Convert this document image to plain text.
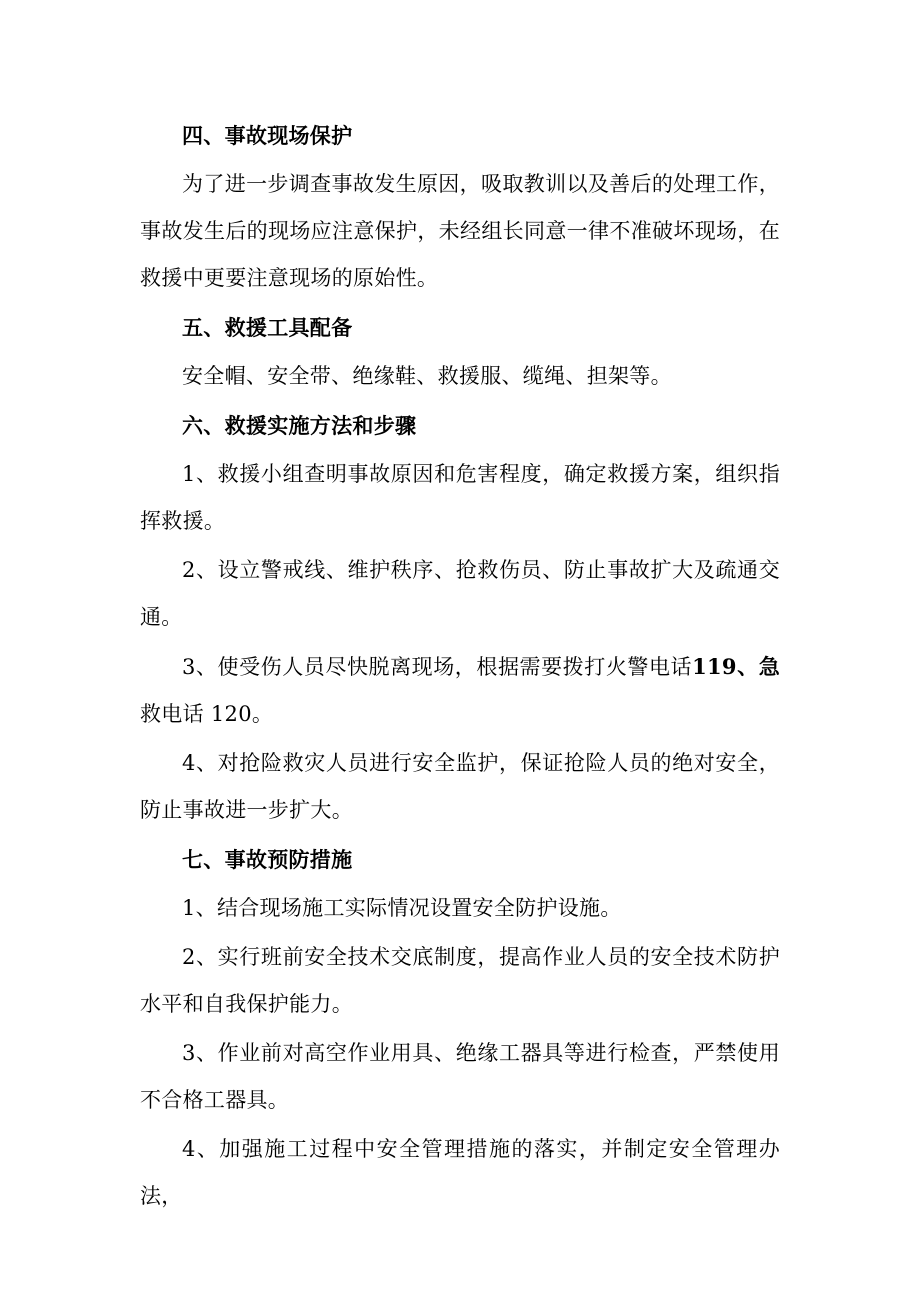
四、事故现场保护

为了进一步调查事故发生原因，吸取教训以及善后的处理工作，事故发生后的现场应注意保护，未经组长同意一律不准破坏现场，在救援中更要注意现场的原始性。

五、救援工具配备

安全帽、安全带、绝缘鞋、救援服、缆绳、担架等。

六、救援实施方法和步骤

1、救援小组查明事故原因和危害程度，确定救援方案，组织指挥救援。

2、设立警戒线、维护秩序、抢救伤员、防止事故扩大及疏通交通。

3、使受伤人员尽快脱离现场，根据需要拨打火警电话119、急救电话 120。

4、对抢险救灾人员进行安全监护，保证抢险人员的绝对安全，防止事故进一步扩大。

七、事故预防措施

1、结合现场施工实际情况设置安全防护设施。

2、实行班前安全技术交底制度，提高作业人员的安全技术防护水平和自我保护能力。

3、作业前对高空作业用具、绝缘工器具等进行检查，严禁使用不合格工器具。

4、加强施工过程中安全管理措施的落实，并制定安全管理办法，
